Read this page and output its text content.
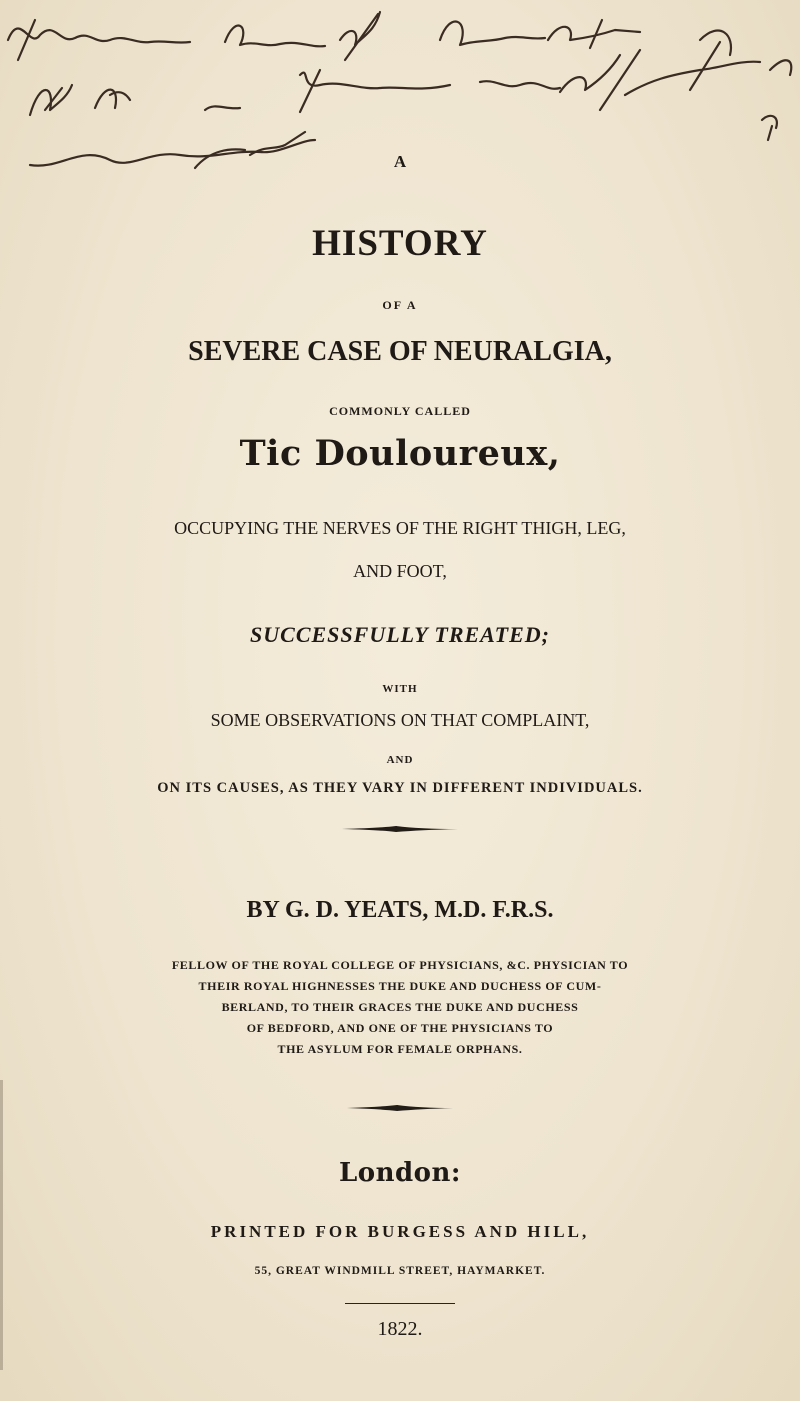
A
HISTORY
OF A
SEVERE CASE OF NEURALGIA,
COMMONLY CALLED
Tic Douloureux,
OCCUPYING THE NERVES OF THE RIGHT THIGH, LEG,
AND FOOT,
SUCCESSFULLY TREATED;
WITH
SOME OBSERVATIONS ON THAT COMPLAINT,
AND
ON ITS CAUSES, AS THEY VARY IN DIFFERENT INDIVIDUALS.
BY G. D. YEATS, M.D. F.R.S.
FELLOW OF THE ROYAL COLLEGE OF PHYSICIANS, &C. PHYSICIAN TO
THEIR ROYAL HIGHNESSES THE DUKE AND DUCHESS OF CUM-
BERLAND, TO THEIR GRACES THE DUKE AND DUCHESS
OF BEDFORD, AND ONE OF THE PHYSICIANS TO
THE ASYLUM FOR FEMALE ORPHANS.
London:
PRINTED FOR BURGESS AND HILL,
55, GREAT WINDMILL STREET, HAYMARKET.
1822.
